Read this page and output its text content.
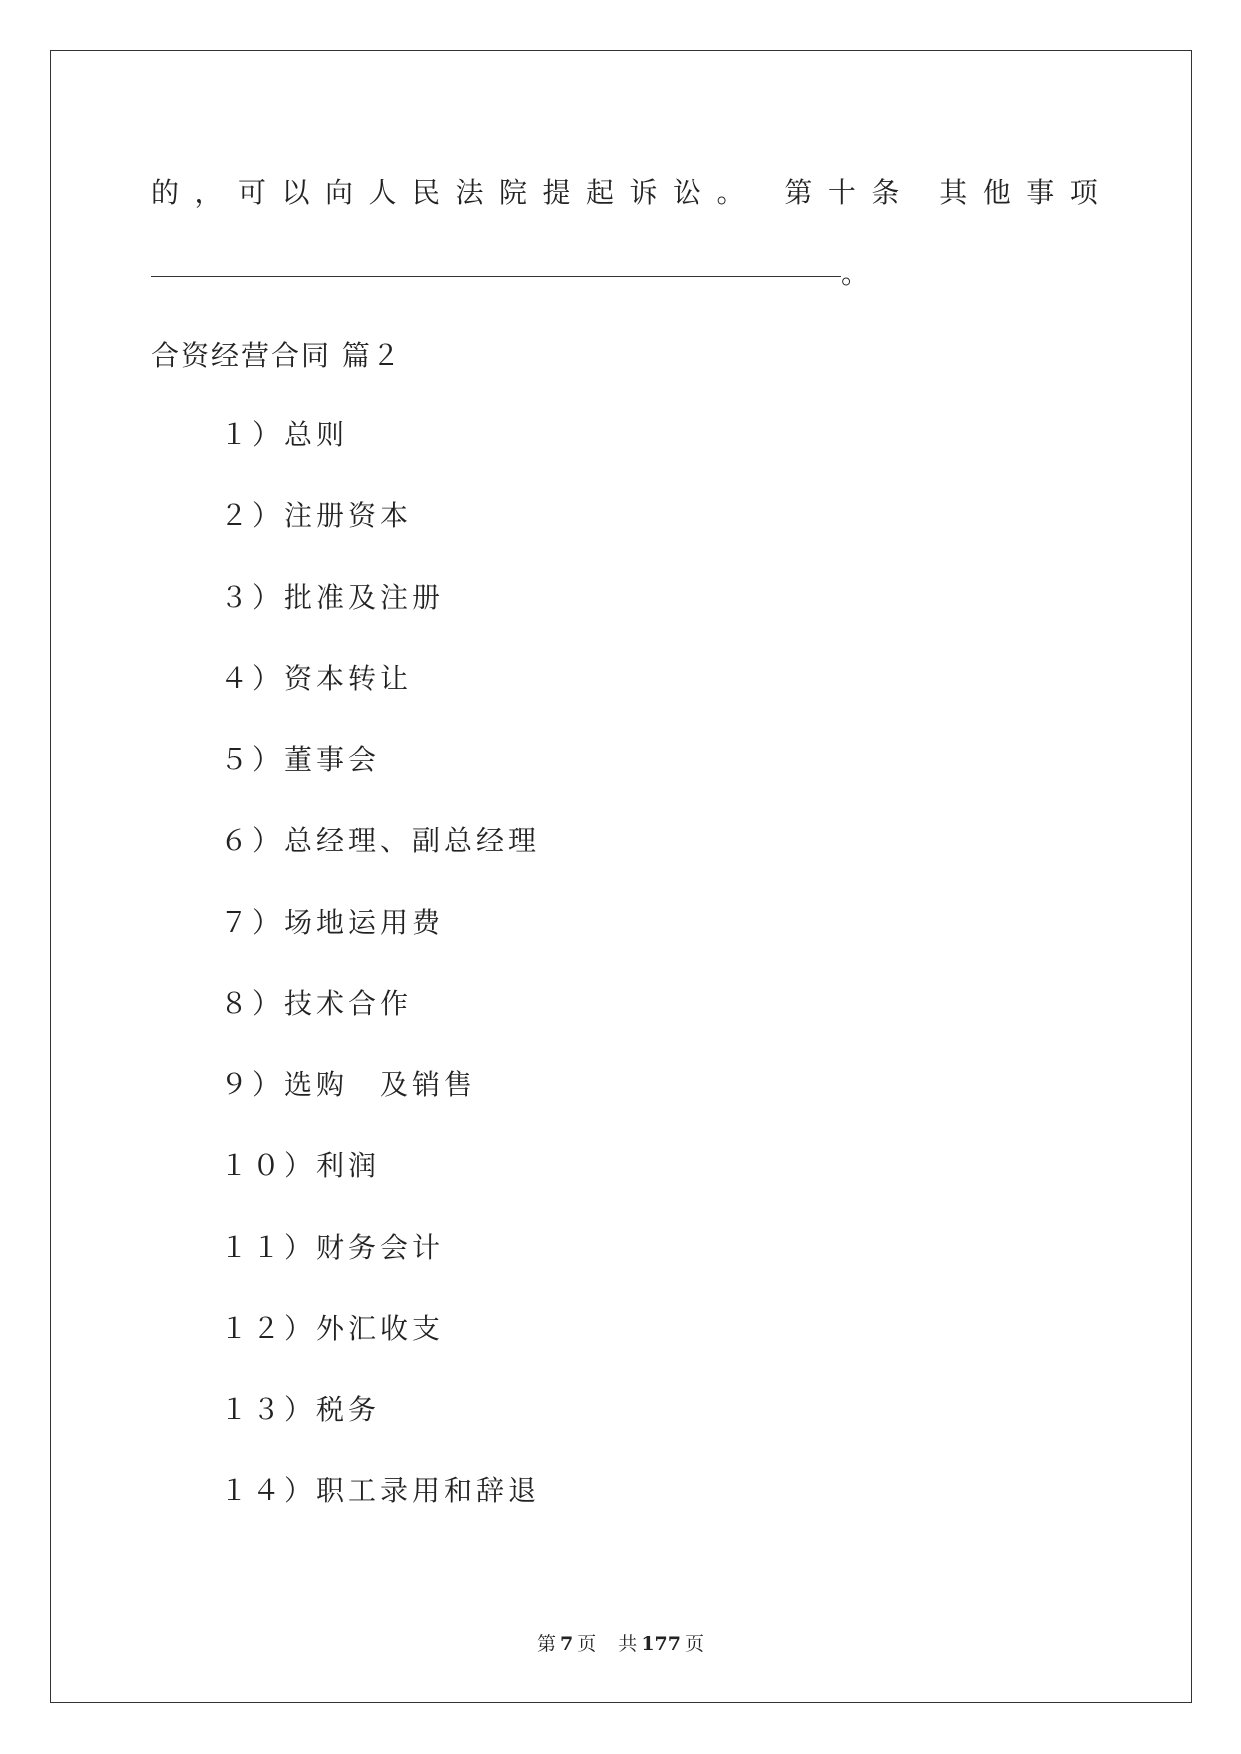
的，可以向人民法院提起诉讼。 第十条 其他事项
。
合资经营合同 篇２
１）总则
２）注册资本
３）批准及注册
４）资本转让
５）董事会
６）总经理、副总经理
７）场地运用费
８）技术合作
９）选购　及销售
１０）利润
１１）财务会计
１２）外汇收支
１３）税务
１４）职工录用和辞退
第 7 页 共 177 页
